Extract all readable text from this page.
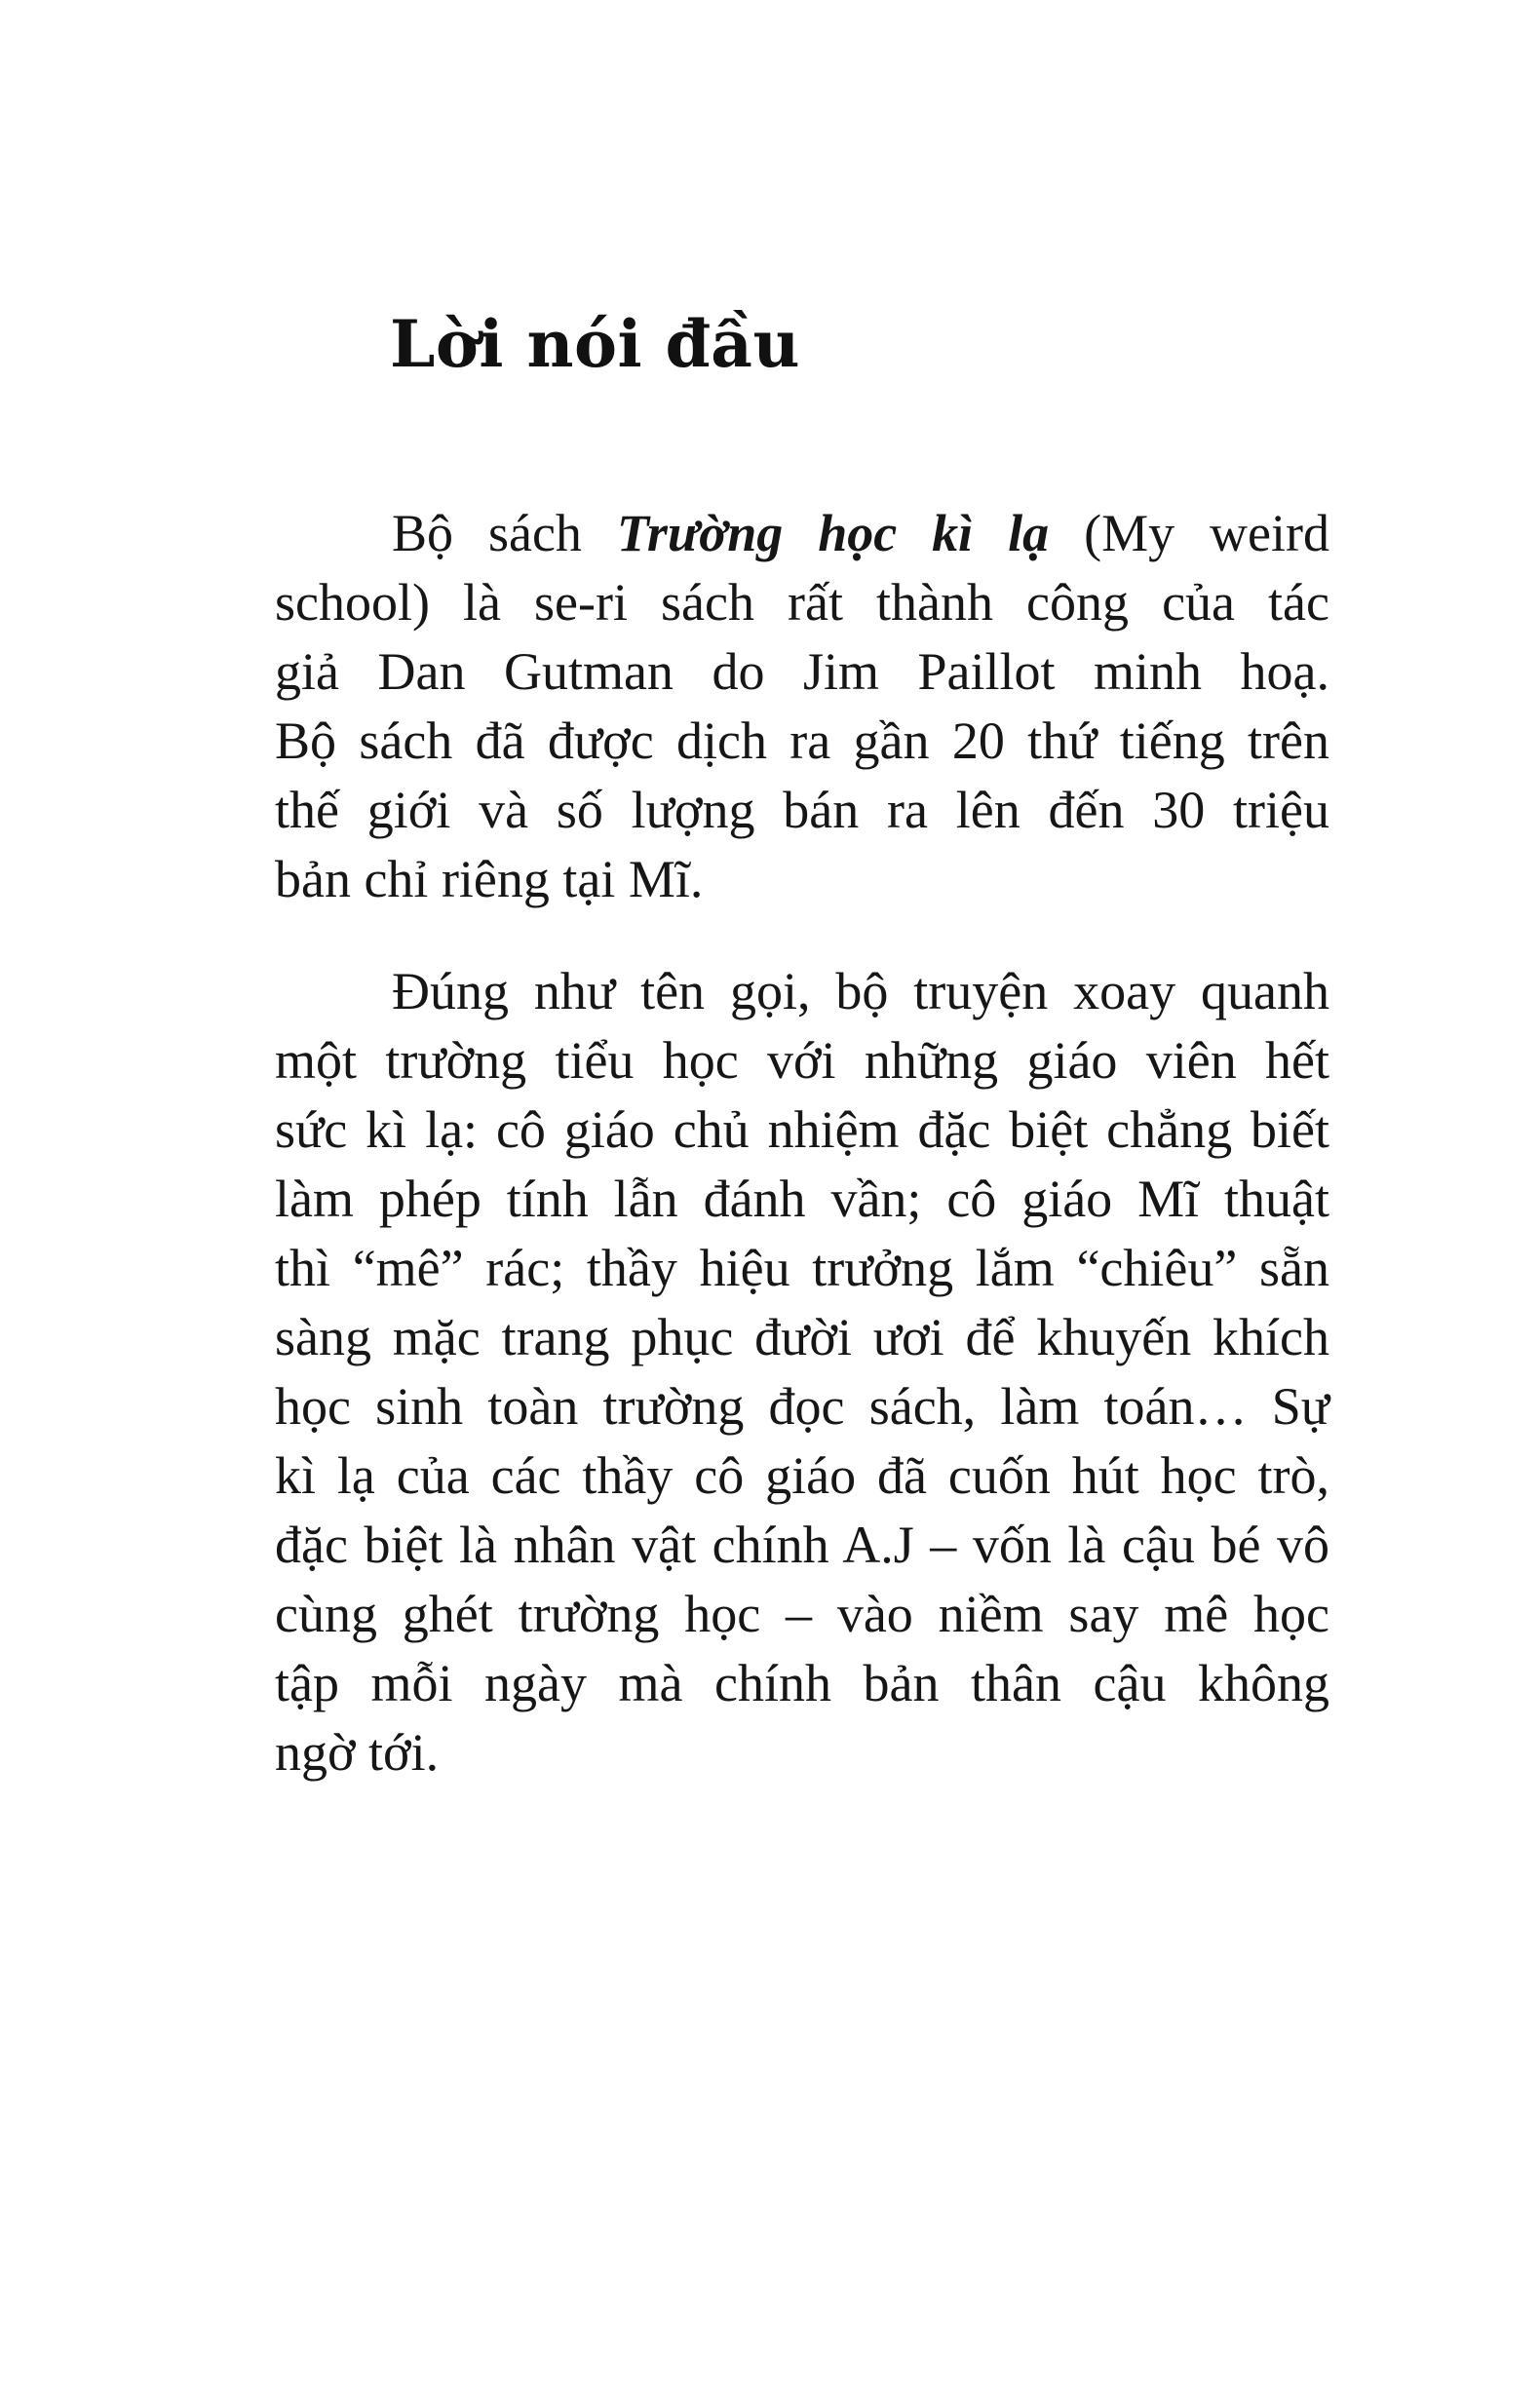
Lời nói đầu
Bộ sách Trường học kì lạ (My weird
school) là se-ri sách rất thành công của tác
giả Dan Gutman do Jim Paillot minh hoạ.
Bộ sách đã được dịch ra gần 20 thứ tiếng trên
thế giới và số lượng bán ra lên đến 30 triệu
bản chỉ riêng tại Mĩ.
Đúng như tên gọi, bộ truyện xoay quanh
một trường tiểu học với những giáo viên hết
sức kì lạ: cô giáo chủ nhiệm đặc biệt chẳng biết
làm phép tính lẫn đánh vần; cô giáo Mĩ thuật
thì “mê” rác; thầy hiệu trưởng lắm “chiêu” sẵn
sàng mặc trang phục đười ươi để khuyến khích
học sinh toàn trường đọc sách, làm toán… Sự
kì lạ của các thầy cô giáo đã cuốn hút học trò,
đặc biệt là nhân vật chính A.J – vốn là cậu bé vô
cùng ghét trường học – vào niềm say mê học
tập mỗi ngày mà chính bản thân cậu không
ngờ tới.
